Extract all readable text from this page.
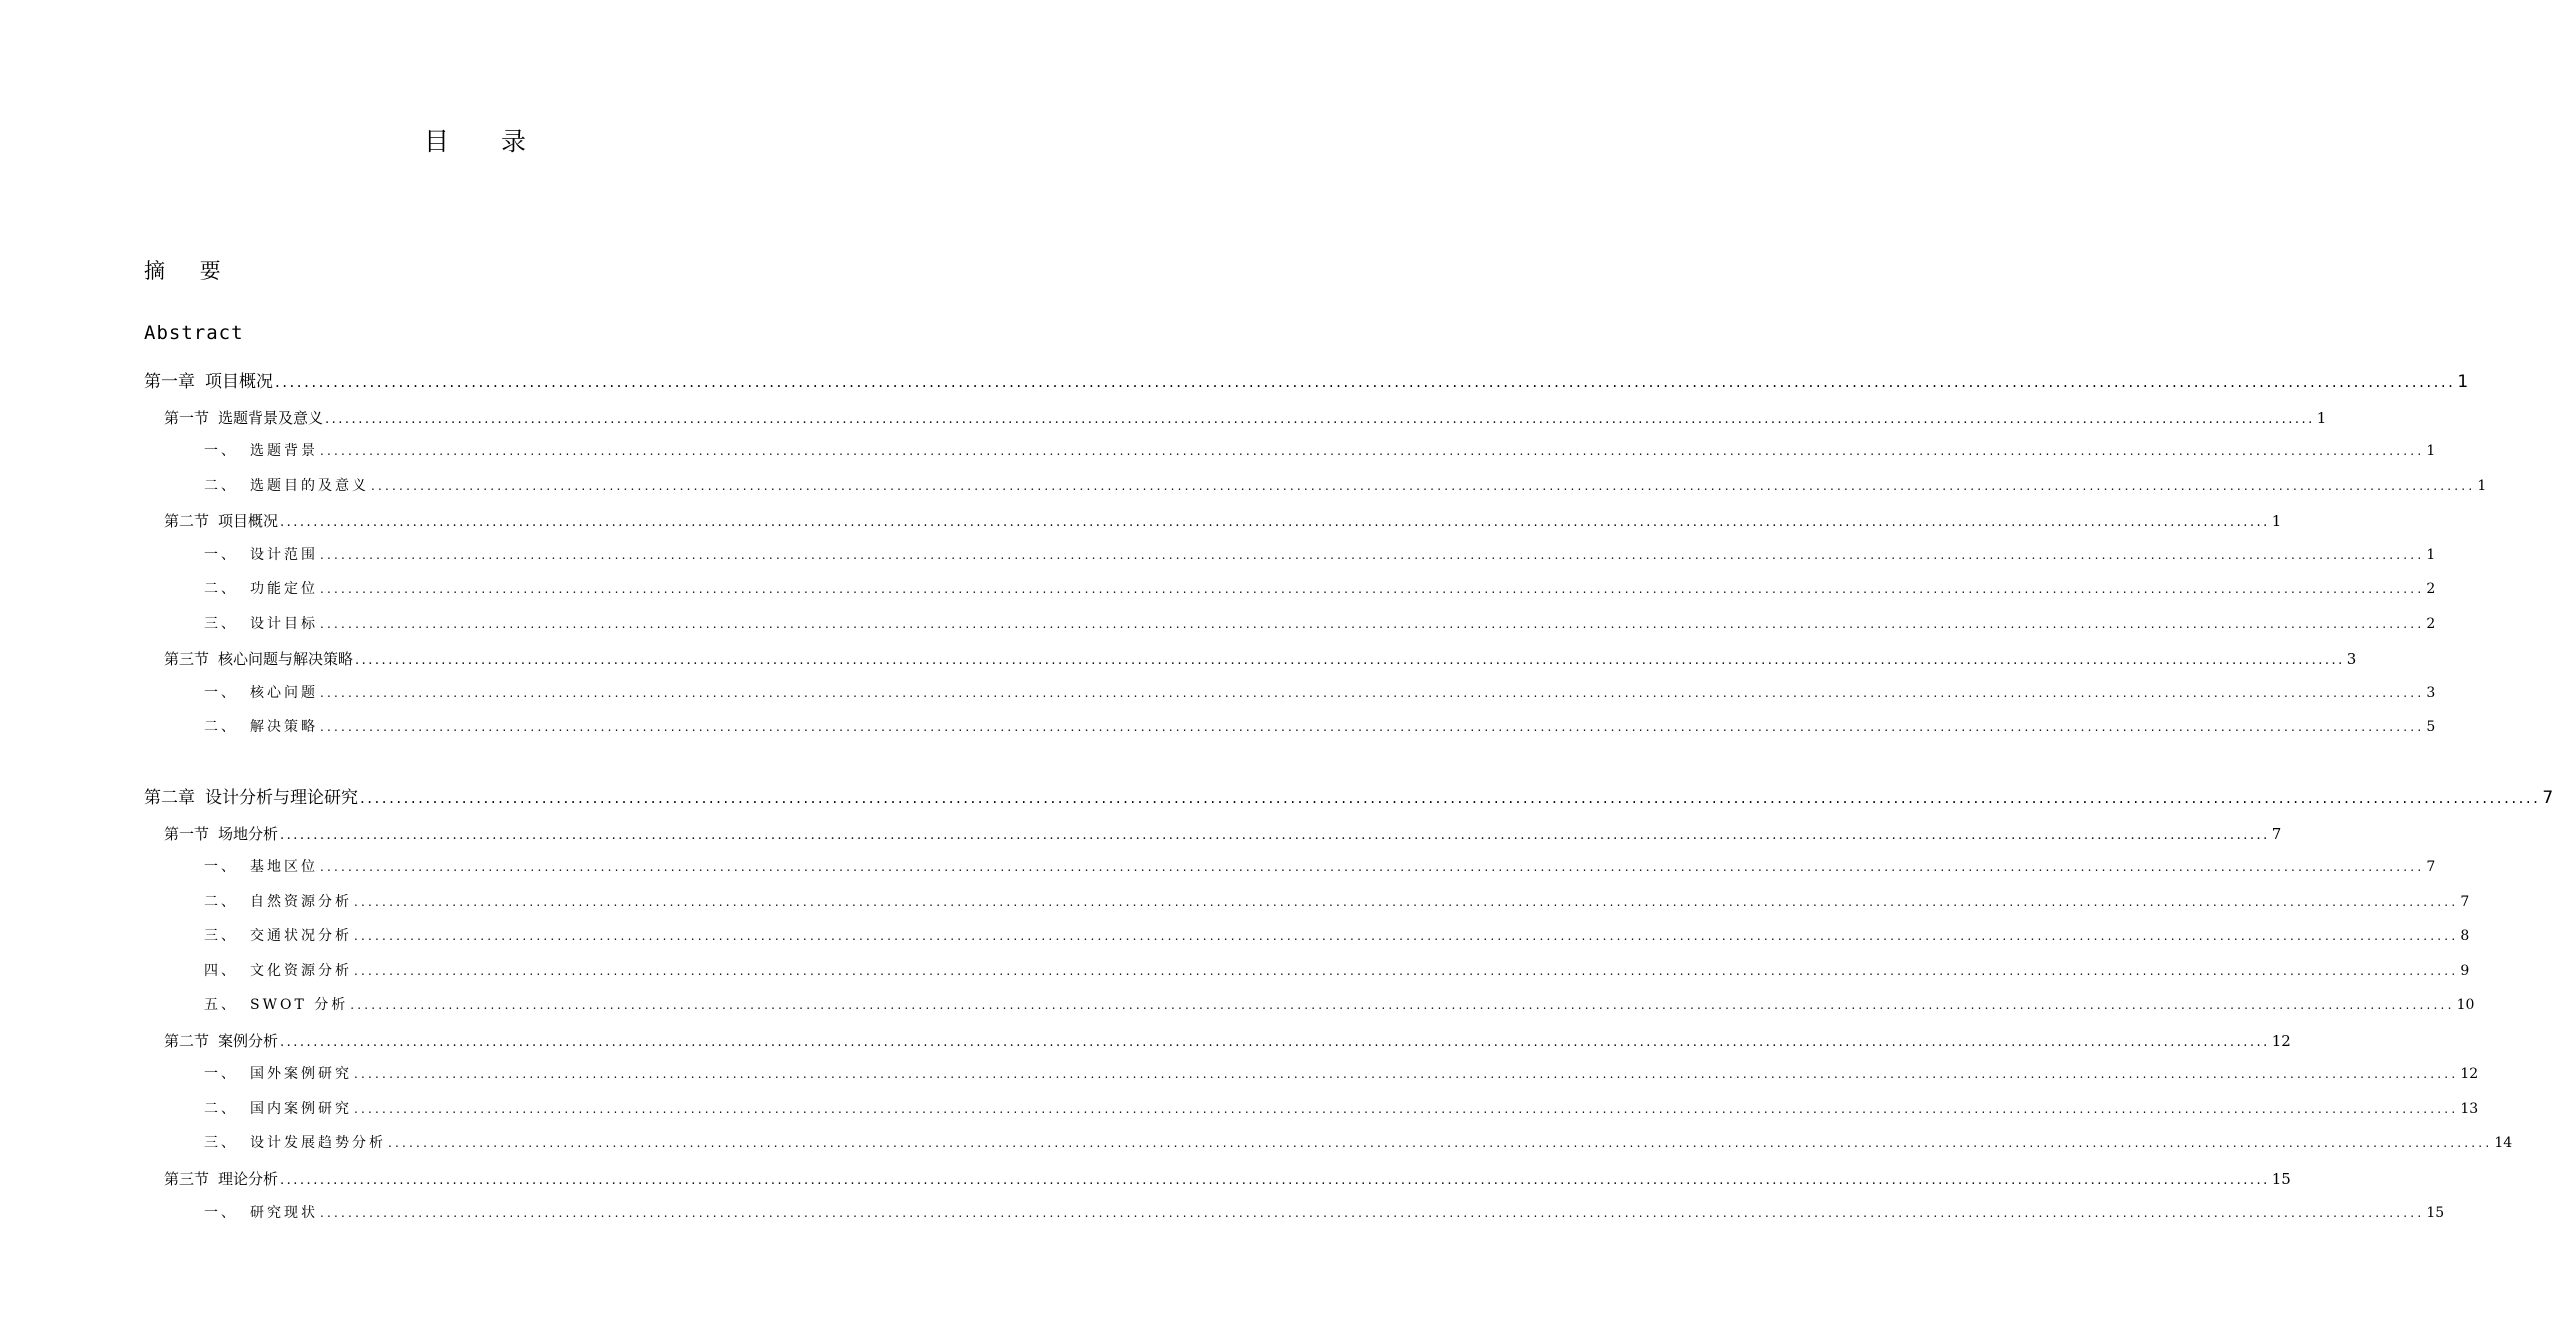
目 录
摘 要
Abstract
第一章 项目概况 ............................................................................................................................................................................................................................................................................................................ 1
第一节 选题背景及意义 ............................................................................................................................................................................................................................................................................................................ 1
一、 选题背景 ............................................................................................................................................................................................................................................................................................................ 1
二、 选题目的及意义 ............................................................................................................................................................................................................................................................................................................ 1
第二节 项目概况 ............................................................................................................................................................................................................................................................................................................ 1
一、 设计范围 ............................................................................................................................................................................................................................................................................................................ 1
二、 功能定位 ............................................................................................................................................................................................................................................................................................................ 2
三、 设计目标 ............................................................................................................................................................................................................................................................................................................ 2
第三节 核心问题与解决策略 ............................................................................................................................................................................................................................................................................................................ 3
一、 核心问题 ............................................................................................................................................................................................................................................................................................................ 3
二、 解决策略 ............................................................................................................................................................................................................................................................................................................ 5
第二章 设计分析与理论研究 ............................................................................................................................................................................................................................................................................................................ 7
第一节 场地分析 ............................................................................................................................................................................................................................................................................................................ 7
一、 基地区位 ............................................................................................................................................................................................................................................................................................................ 7
二、 自然资源分析 ............................................................................................................................................................................................................................................................................................................ 7
三、 交通状况分析 ............................................................................................................................................................................................................................................................................................................ 8
四、 文化资源分析 ............................................................................................................................................................................................................................................................................................................ 9
五、 SWOT 分析 ............................................................................................................................................................................................................................................................................................................ 10
第二节 案例分析 ............................................................................................................................................................................................................................................................................................................ 12
一、 国外案例研究 ............................................................................................................................................................................................................................................................................................................ 12
二、 国内案例研究 ............................................................................................................................................................................................................................................................................................................ 13
三、 设计发展趋势分析 ............................................................................................................................................................................................................................................................................................................ 14
第三节 理论分析 ............................................................................................................................................................................................................................................................................................................ 15
一、 研究现状 ............................................................................................................................................................................................................................................................................................................ 15
